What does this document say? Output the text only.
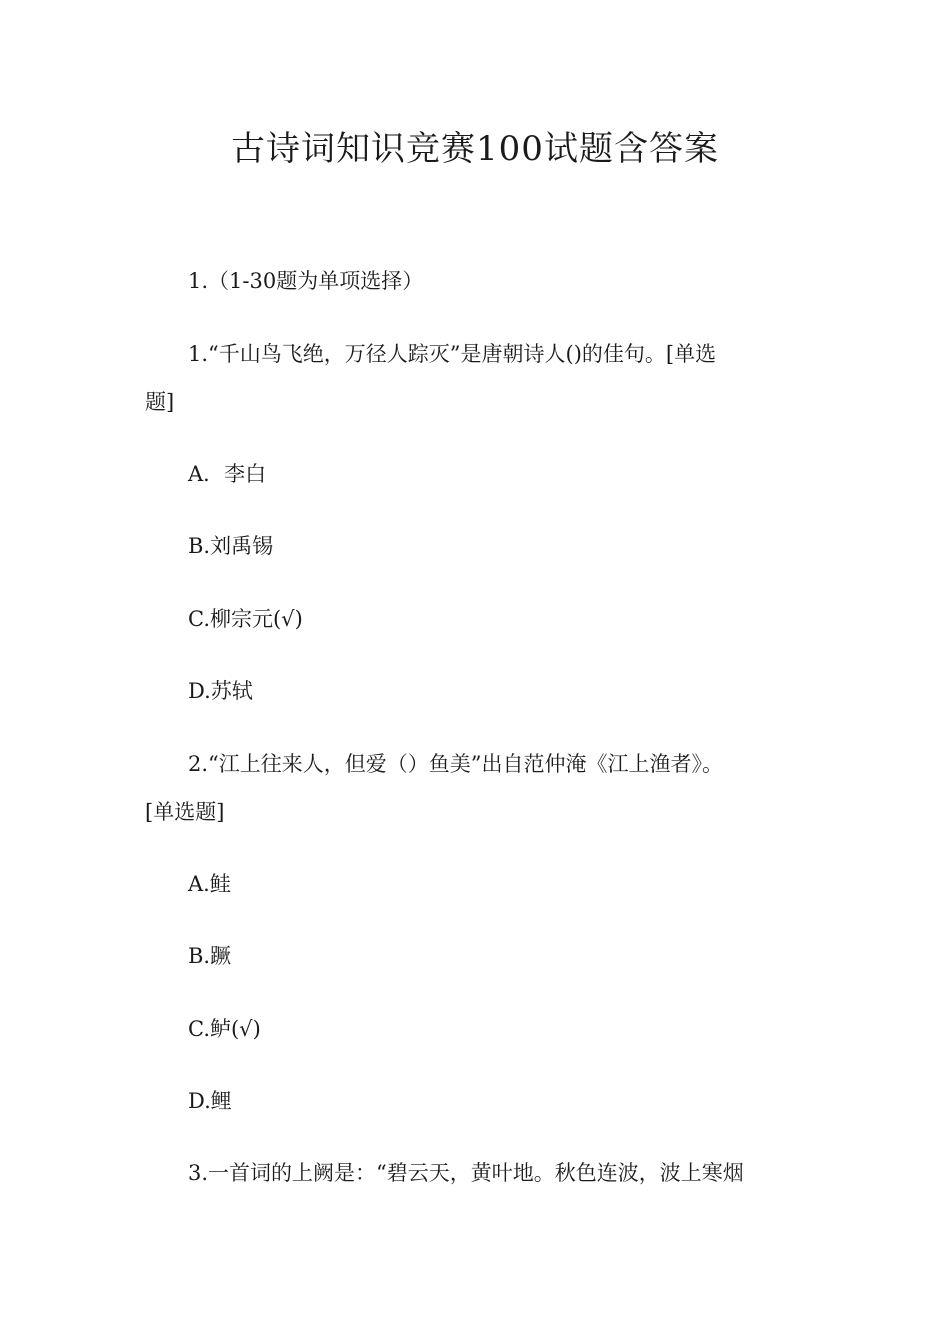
古诗词知识竞赛100试题含答案
1.（1-30题为单项选择）
1.“千山鸟飞绝，万径人踪灭”是唐朝诗人()的佳句。[单选
题]
A．李白
B.刘禹锡
C.柳宗元(√)
D.苏轼
2.“江上往来人，但爱（）鱼美”出自范仲淹《江上渔者》。
[单选题]
A.鲑
B.蹶
C.鲈(√)
D.鲤
3.一首词的上阙是：“碧云天，黄叶地。秋色连波，波上寒烟
